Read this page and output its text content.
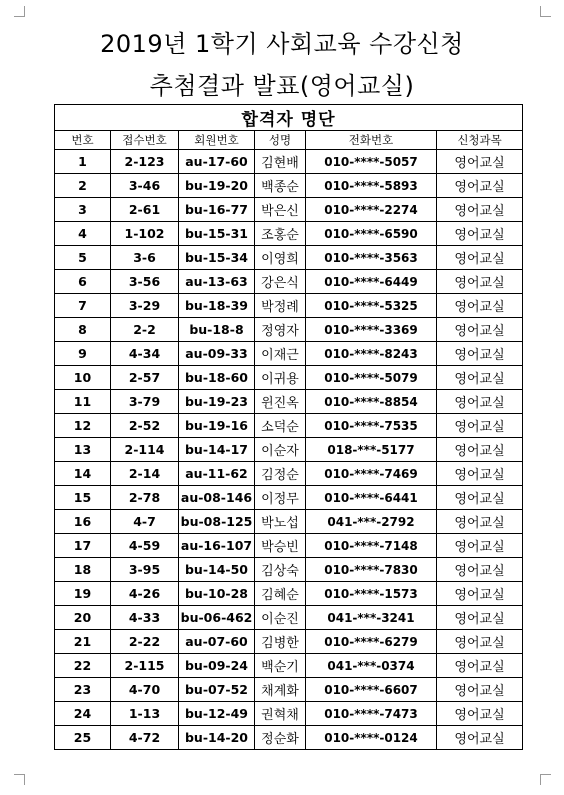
2019년 1학기 사회교육 수강신청
추첨결과 발표(영어교실)
합격자 명단					
번호	접수번호	회원번호	성명	전화번호	신청과목
1	2-123	au-17-60	김현배	010-****-5057	영어교실
2	3-46	bu-19-20	백종순	010-****-5893	영어교실
3	2-61	bu-16-77	박은신	010-****-2274	영어교실
4	1-102	bu-15-31	조홍순	010-****-6590	영어교실
5	3-6	bu-15-34	이영희	010-****-3563	영어교실
6	3-56	au-13-63	강은식	010-****-6449	영어교실
7	3-29	bu-18-39	박정례	010-****-5325	영어교실
8	2-2	bu-18-8	정영자	010-****-3369	영어교실
9	4-34	au-09-33	이재근	010-****-8243	영어교실
10	2-57	bu-18-60	이귀용	010-****-5079	영어교실
11	3-79	bu-19-23	윈진옥	010-****-8854	영어교실
12	2-52	bu-19-16	소덕순	010-****-7535	영어교실
13	2-114	bu-14-17	이순자	018-***-5177	영어교실
14	2-14	au-11-62	김정순	010-****-7469	영어교실
15	2-78	au-08-146	이정무	010-****-6441	영어교실
16	4-7	bu-08-125	박노섭	041-***-2792	영어교실
17	4-59	au-16-107	박승빈	010-****-7148	영어교실
18	3-95	bu-14-50	김상숙	010-****-7830	영어교실
19	4-26	bu-10-28	김혜순	010-****-1573	영어교실
20	4-33	bu-06-462	이순진	041-***-3241	영어교실
21	2-22	au-07-60	김병한	010-****-6279	영어교실
22	2-115	bu-09-24	백순기	041-***-0374	영어교실
23	4-70	bu-07-52	채계화	010-****-6607	영어교실
24	1-13	bu-12-49	권혁채	010-****-7473	영어교실
25	4-72	bu-14-20	정순화	010-****-0124	영어교실
